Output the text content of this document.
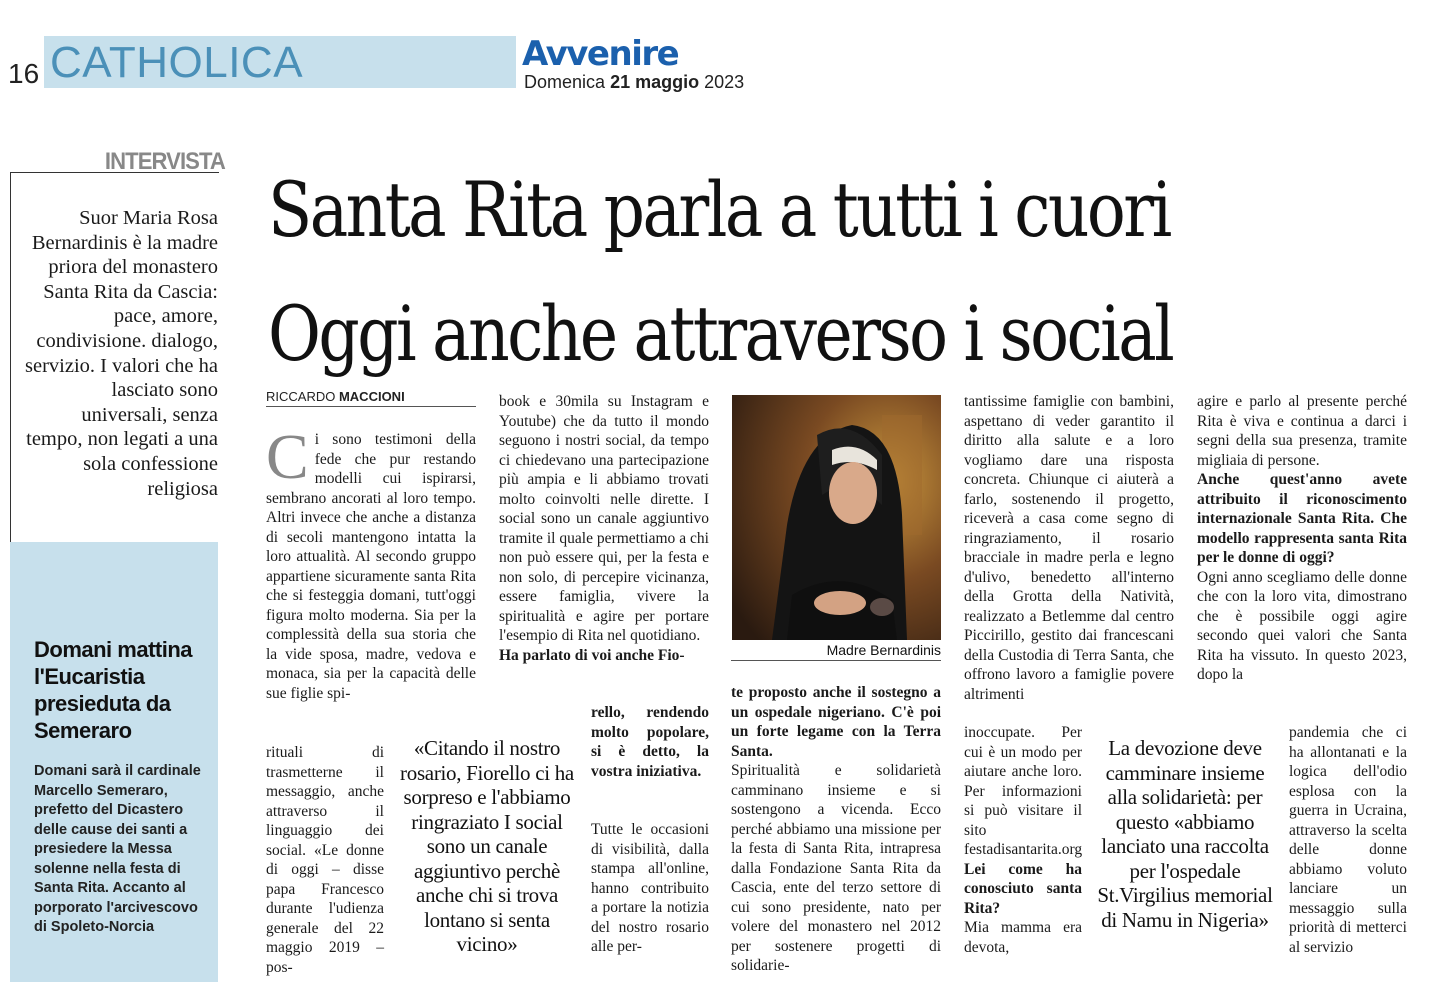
16 CATHOLICA	Avvenire
Domenica 21 maggio 2023
INTERVISTA
Santa Rita parla a tutti i cuori
Oggi anche attraverso i social
Suor Maria Rosa Bernardinis è la madre priora del monastero Santa Rita da Cascia: pace, amore, condivisione. dialogo, servizio. I valori che ha lasciato sono universali, senza tempo, non legati a una sola confessione religiosa
Domani mattina l'Eucaristia presieduta da Semeraro
Domani sarà il cardinale Marcello Semeraro, prefetto del Dicastero delle cause dei santi a presiedere la Messa solenne nella festa di Santa Rita. Accanto al porporato l'arcivescovo di Spoleto-Norcia
RICCARDO MACCIONI
C i sono testimoni della fede che pur restando modelli cui ispirarsi, sembrano ancorati al loro tempo. Altri invece che anche a distanza di secoli mantengono intatta la loro attualità. Al secondo gruppo appartiene sicuramente santa Rita che si festeggia domani, tutt'oggi figura molto moderna. Sia per la complessità della sua storia che la vide sposa, madre, vedova e monaca, sia per la capacità delle sue figlie spi-
rituali di trasmetterne il messaggio, anche attraverso il linguaggio dei social. «Le donne di oggi – disse papa Francesco durante l'udienza generale del 22 maggio 2019 – pos-
«Citando il nostro rosario, Fiorello ci ha sorpreso e l'abbiamo ringraziato I social sono un canale aggiuntivo perchè anche chi si trova lontano si senta vicino»

book e 30mila su Instagram e Youtube) che da tutto il mondo seguono i nostri social, da tempo ci chiedevano una partecipazione più ampia e li abbiamo trovati molto coinvolti nelle dirette. I social sono un canale aggiuntivo tramite il quale permettiamo a chi non può essere qui, per la festa e non solo, di percepire vicinanza, essere famiglia, vivere la spiritualità e agire per portare l'esempio di Rita nel quotidiano.

Ha parlato di voi anche Fio-

rello, rendendo molto popolare, si è detto, la vostra iniziativa.
Tutte le occasioni di visibilità, dalla stampa all'online, hanno contribuito a portare la notizia del nostro rosario alle per-
Madre Bernardinis

te proposto anche il sostegno a un ospedale nigeriano. C'è poi un forte legame con la Terra Santa.

Spiritualità e solidarietà camminano insieme e si sostengono a vicenda. Ecco perché abbiamo una missione per la festa di Santa Rita, intrapresa dalla Fondazione Santa Rita da Cascia, ente del terzo settore di cui sono presidente, nato per volere del monastero nel 2012 per sostenere progetti di solidarie-

tantissime famiglie con bambini, aspettano di veder garantito il diritto alla salute e a loro vogliamo dare una risposta concreta. Chiunque ci aiuterà a farlo, sostenendo il progetto, riceverà a casa come segno di ringraziamento, il rosario bracciale in madre perla e legno d'ulivo, benedetto all'interno della Grotta della Natività, realizzato a Betlemme dal centro Piccirillo, gestito dai francescani della Custodia di Terra Santa, che offrono lavoro a famiglie povere altrimenti

inoccupate. Per cui è un modo per aiutare anche loro. Per informazioni si può visitare il sito festadisantarita.org

Lei come ha conosciuto santa Rita?

Mia mamma era devota,

La devozione deve camminare insieme alla solidarietà: per questo «abbiamo lanciato una raccolta per l'ospedale St.Virgilius memorial di Namu in Nigeria»

agire e parlo al presente perché Rita è viva e continua a darci i segni della sua presenza, tramite migliaia di persone.

Anche quest'anno avete attribuito il riconoscimento internazionale Santa Rita. Che modello rappresenta santa Rita per le donne di oggi?

Ogni anno scegliamo delle donne che con la loro vita, dimostrano che è possibile oggi agire secondo quei valori che Santa Rita ha vissuto. In questo 2023, dopo la

pandemia che ci ha allontanati e la logica dell'odio esplosa con la guerra in Ucraina, attraverso la scelta delle donne abbiamo voluto lanciare un messaggio sulla priorità di metterci al servizio
